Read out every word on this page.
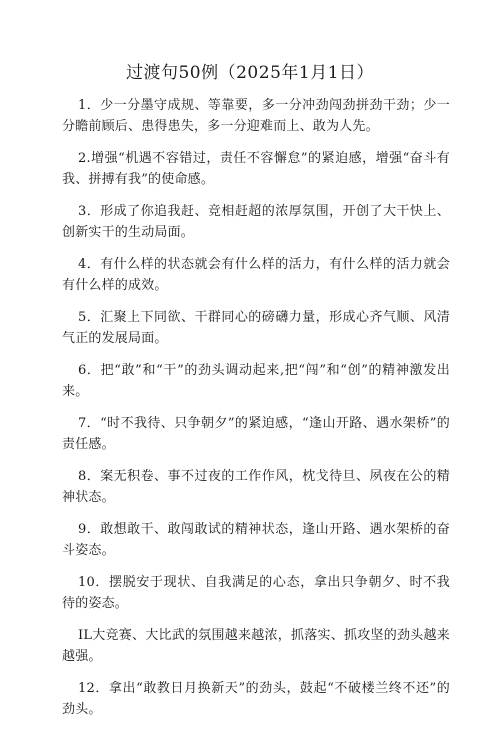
过渡句50例（2025年1月1日）
1．少一分墨守成规、等靠要，多一分冲劲闯劲拼劲干劲；少一分瞻前顾后、患得患失，多一分迎难而上、敢为人先。
2.增强“机遇不容错过，责任不容懈怠”的紧迫感，增强“奋斗有我、拼搏有我”的使命感。
3．形成了你追我赶、竞相赶超的浓厚氛围，开创了大干快上、创新实干的生动局面。
4．有什么样的状态就会有什么样的活力，有什么样的活力就会有什么样的成效。
5．汇聚上下同欲、干群同心的磅礴力量，形成心齐气顺、风清气正的发展局面。
6．把“敢”和“干”的劲头调动起来,把“闯”和“创”的精神激发出来。
7．“时不我待、只争朝夕”的紧迫感，“逢山开路、遇水架桥”的责任感。
8．案无积卷、事不过夜的工作作风，枕戈待旦、夙夜在公的精神状态。
9．敢想敢干、敢闯敢试的精神状态，逢山开路、遇水架桥的奋斗姿态。
10．摆脱安于现状、自我满足的心态，拿出只争朝夕、时不我待的姿态。
IL大竞赛、大比武的氛围越来越浓，抓落实、抓攻坚的劲头越来越强。
12．拿出“敢教日月换新天”的劲头，鼓起“不破楼兰终不还”的劲头。
